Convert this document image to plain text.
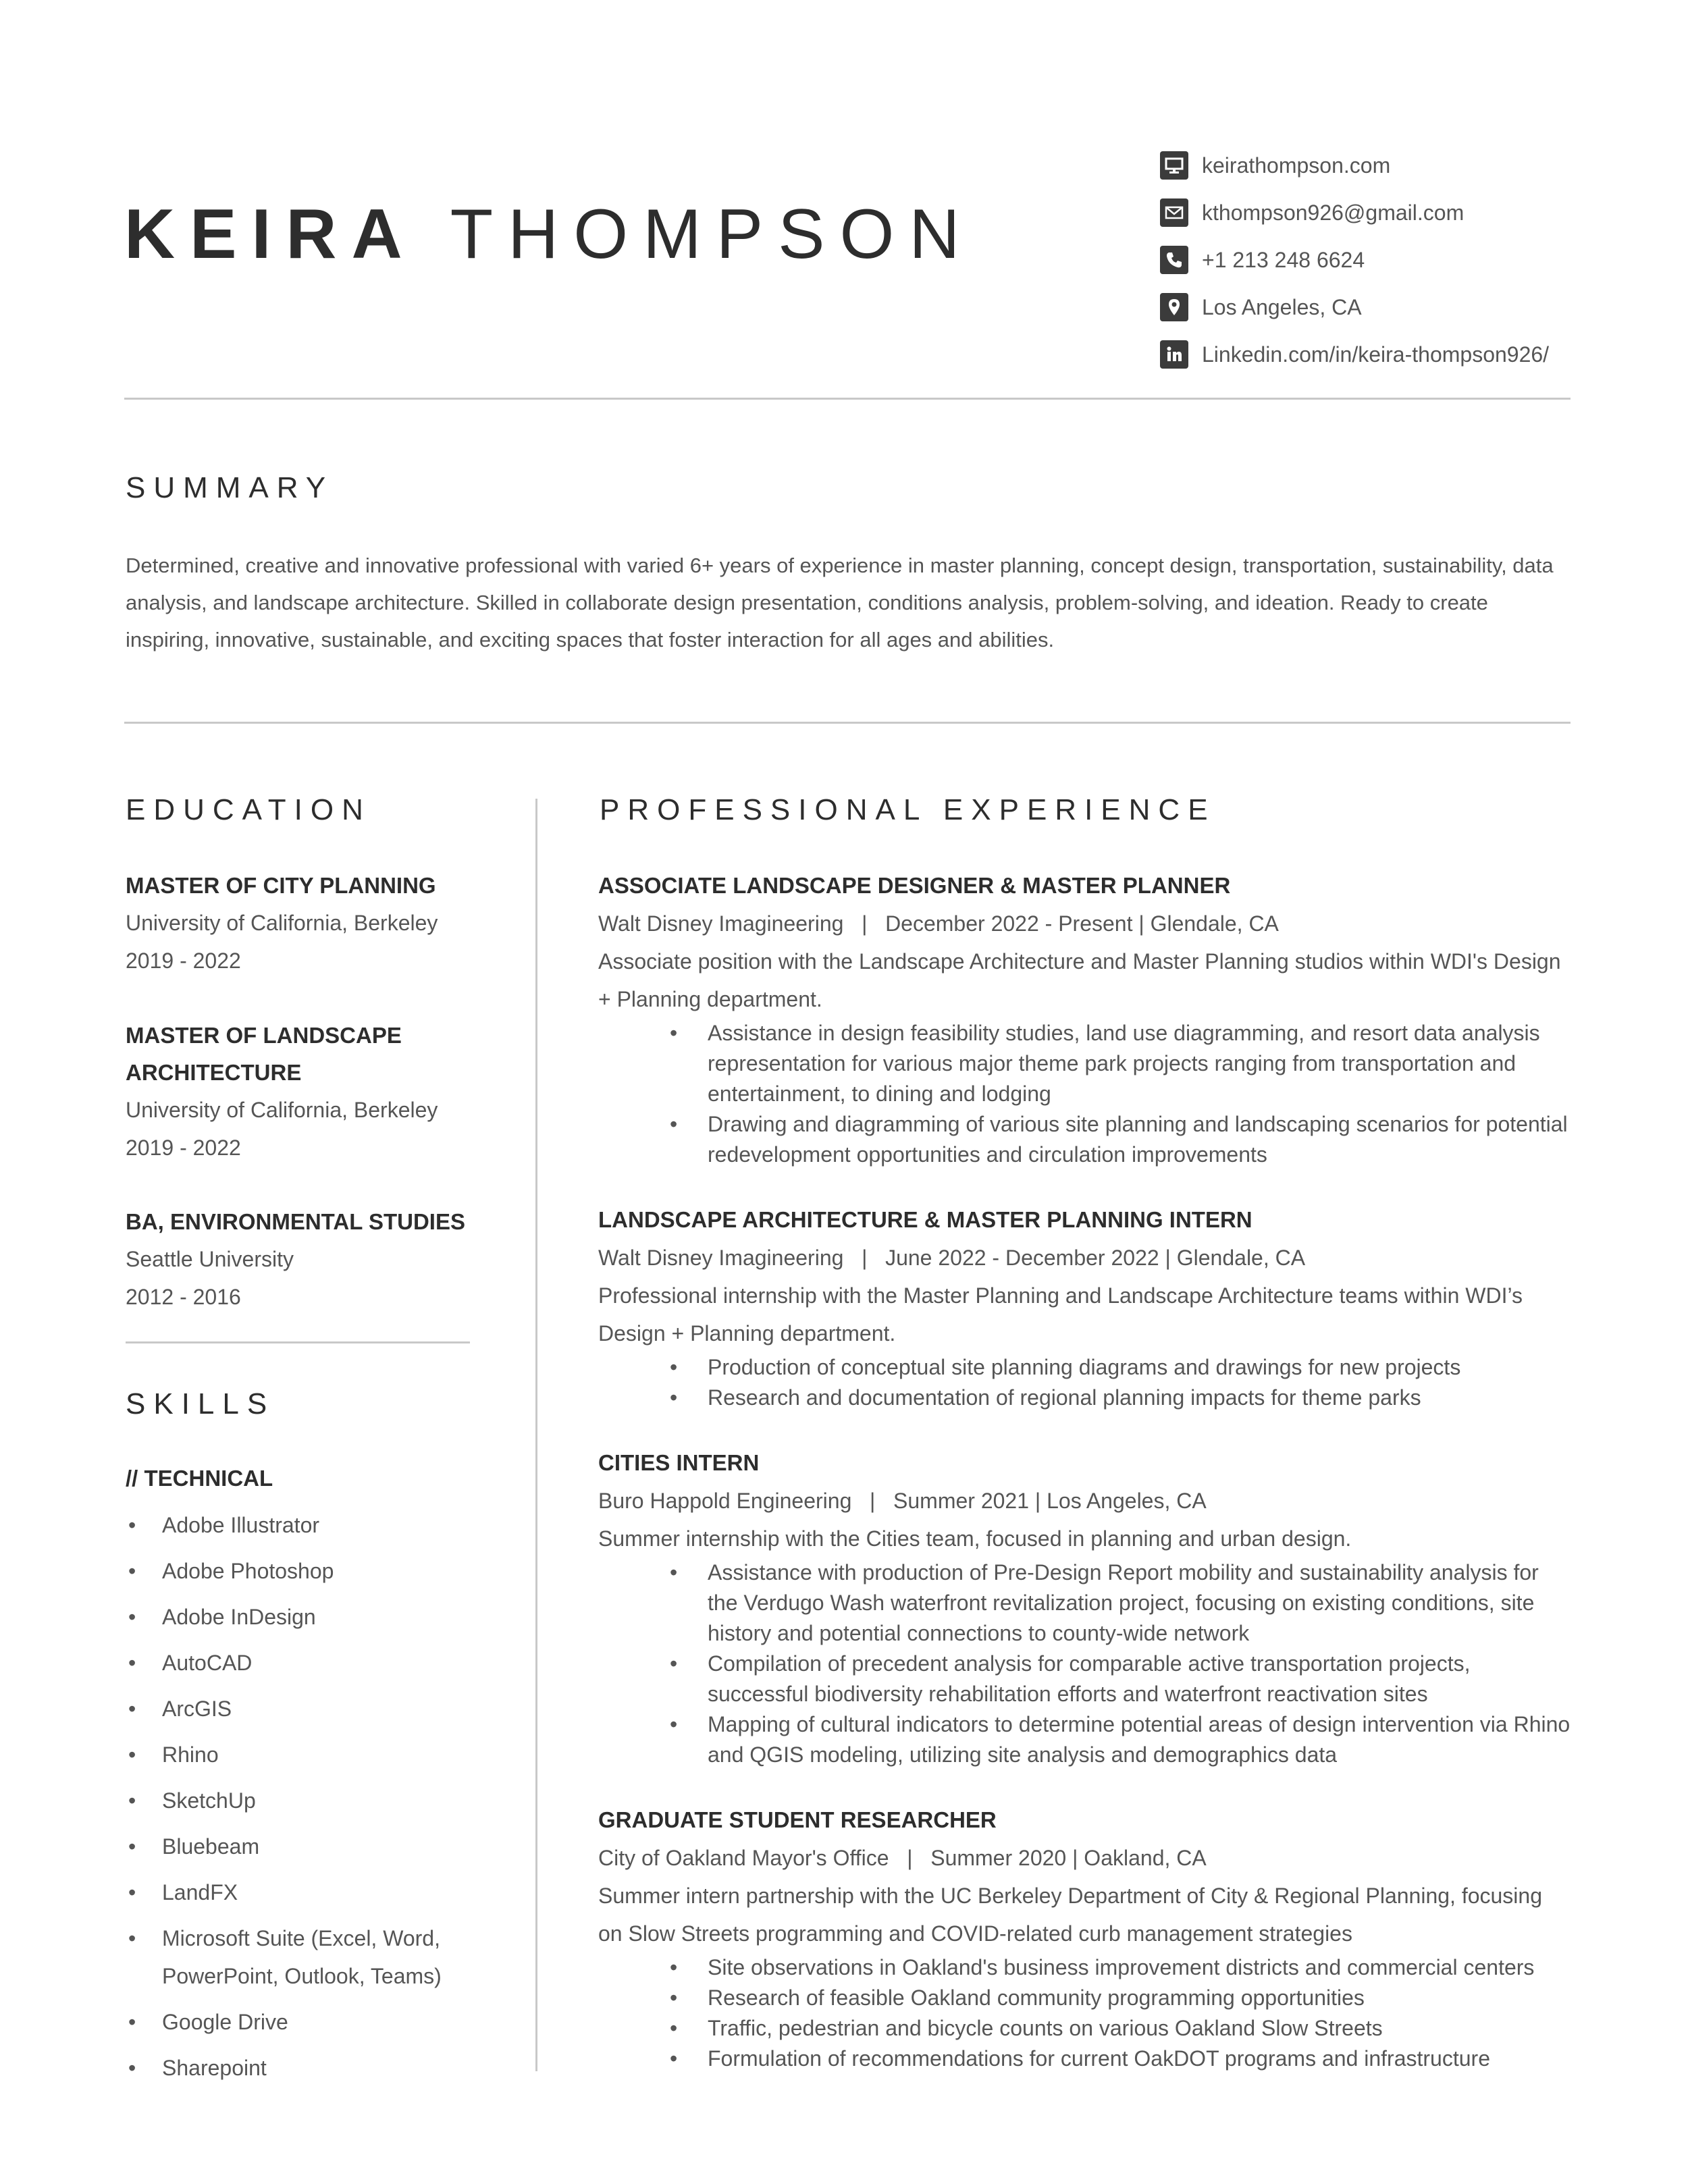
KEIRA THOMPSON
keirathompson.com
kthompson926@gmail.com
+1 213 248 6624
Los Angeles, CA
Linkedin.com/in/keira-thompson926/
SUMMARY
Determined, creative and innovative professional with varied 6+ years of experience in master planning, concept design, transportation, sustainability, data analysis, and landscape architecture. Skilled in collaborate design presentation, conditions analysis, problem-solving, and ideation. Ready to create inspiring, innovative, sustainable, and exciting spaces that foster interaction for all ages and abilities.
EDUCATION
MASTER OF CITY PLANNING
University of California, Berkeley
2019 - 2022
MASTER OF LANDSCAPE ARCHITECTURE
University of California, Berkeley
2019 - 2022
BA, ENVIRONMENTAL STUDIES
Seattle University
2012 - 2016
SKILLS
// TECHNICAL
• Adobe Illustrator
• Adobe Photoshop
• Adobe InDesign
• AutoCAD
• ArcGIS
• Rhino
• SketchUp
• Bluebeam
• LandFX
• Microsoft Suite (Excel, Word, PowerPoint, Outlook, Teams)
• Google Drive
• Sharepoint
PROFESSIONAL EXPERIENCE
ASSOCIATE LANDSCAPE DESIGNER & MASTER PLANNER
Walt Disney Imagineering   |   December 2022 - Present | Glendale, CA
Associate position with the Landscape Architecture and Master Planning studios within WDI's Design + Planning department.
• Assistance in design feasibility studies, land use diagramming, and resort data analysis representation for various major theme park projects ranging from transportation and entertainment, to dining and lodging
• Drawing and diagramming of various site planning and landscaping scenarios for potential redevelopment opportunities and circulation improvements
LANDSCAPE ARCHITECTURE & MASTER PLANNING INTERN
Walt Disney Imagineering   |   June 2022 - December 2022 | Glendale, CA
Professional internship with the Master Planning and Landscape Architecture teams within WDI’s Design + Planning department.
• Production of conceptual site planning diagrams and drawings for new projects
• Research and documentation of regional planning impacts for theme parks
CITIES INTERN
Buro Happold Engineering   |   Summer 2021 | Los Angeles, CA
Summer internship with the Cities team, focused in planning and urban design.
• Assistance with production of Pre-Design Report mobility and sustainability analysis for the Verdugo Wash waterfront revitalization project, focusing on existing conditions, site history and potential connections to county-wide network
• Compilation of precedent analysis for comparable active transportation projects, successful biodiversity rehabilitation efforts and waterfront reactivation sites
• Mapping of cultural indicators to determine potential areas of design intervention via Rhino and QGIS modeling, utilizing site analysis and demographics data
GRADUATE STUDENT RESEARCHER
City of Oakland Mayor's Office   |   Summer 2020 | Oakland, CA
Summer intern partnership with the UC Berkeley Department of City & Regional Planning, focusing on Slow Streets programming and COVID-related curb management strategies
• Site observations in Oakland's business improvement districts and commercial centers
• Research of feasible Oakland community programming opportunities
• Traffic, pedestrian and bicycle counts on various Oakland Slow Streets
• Formulation of recommendations for current OakDOT programs and infrastructure
